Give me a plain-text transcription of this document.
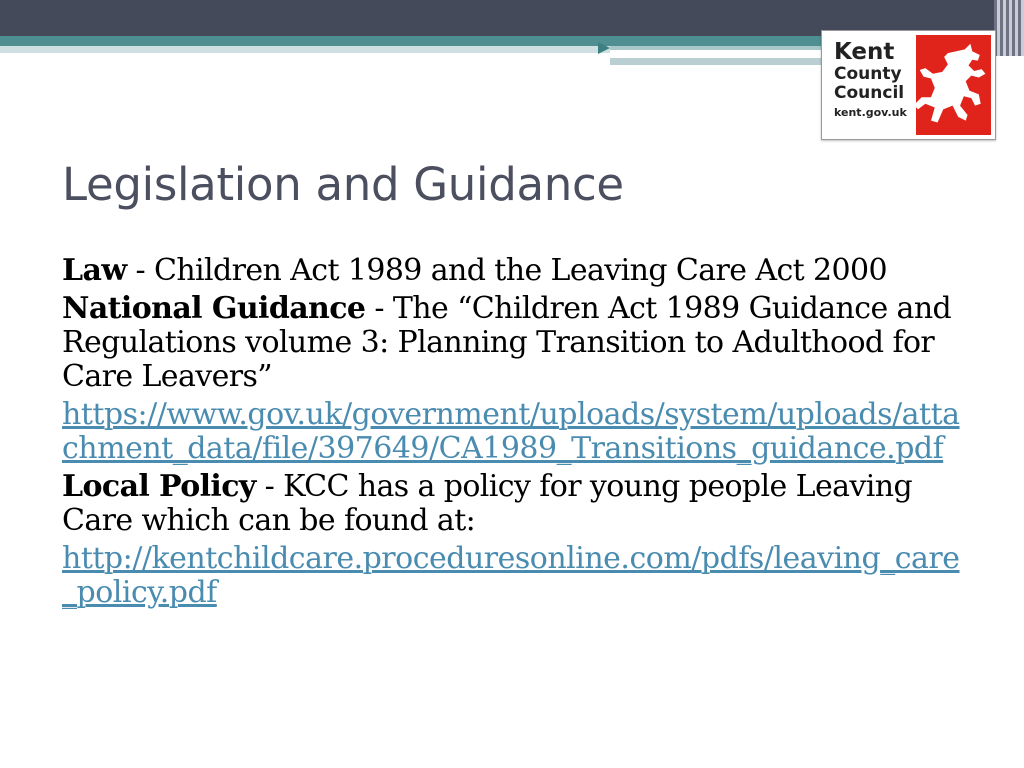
Kent
County
Council
kent.gov.uk
Legislation and Guidance

Law - Children Act 1989 and the Leaving Care Act 2000

National Guidance - The “Children Act 1989 Guidance and Regulations volume 3: Planning Transition to Adulthood for Care Leavers”

https://www.gov.uk/government/uploads/system/uploads/attachment_data/file/397649/CA1989_Transitions_guidance.pdf

Local Policy - KCC has a policy for young people Leaving Care which can be found at:

http://kentchildcare.proceduresonline.com/pdfs/leaving_care_policy.pdf
